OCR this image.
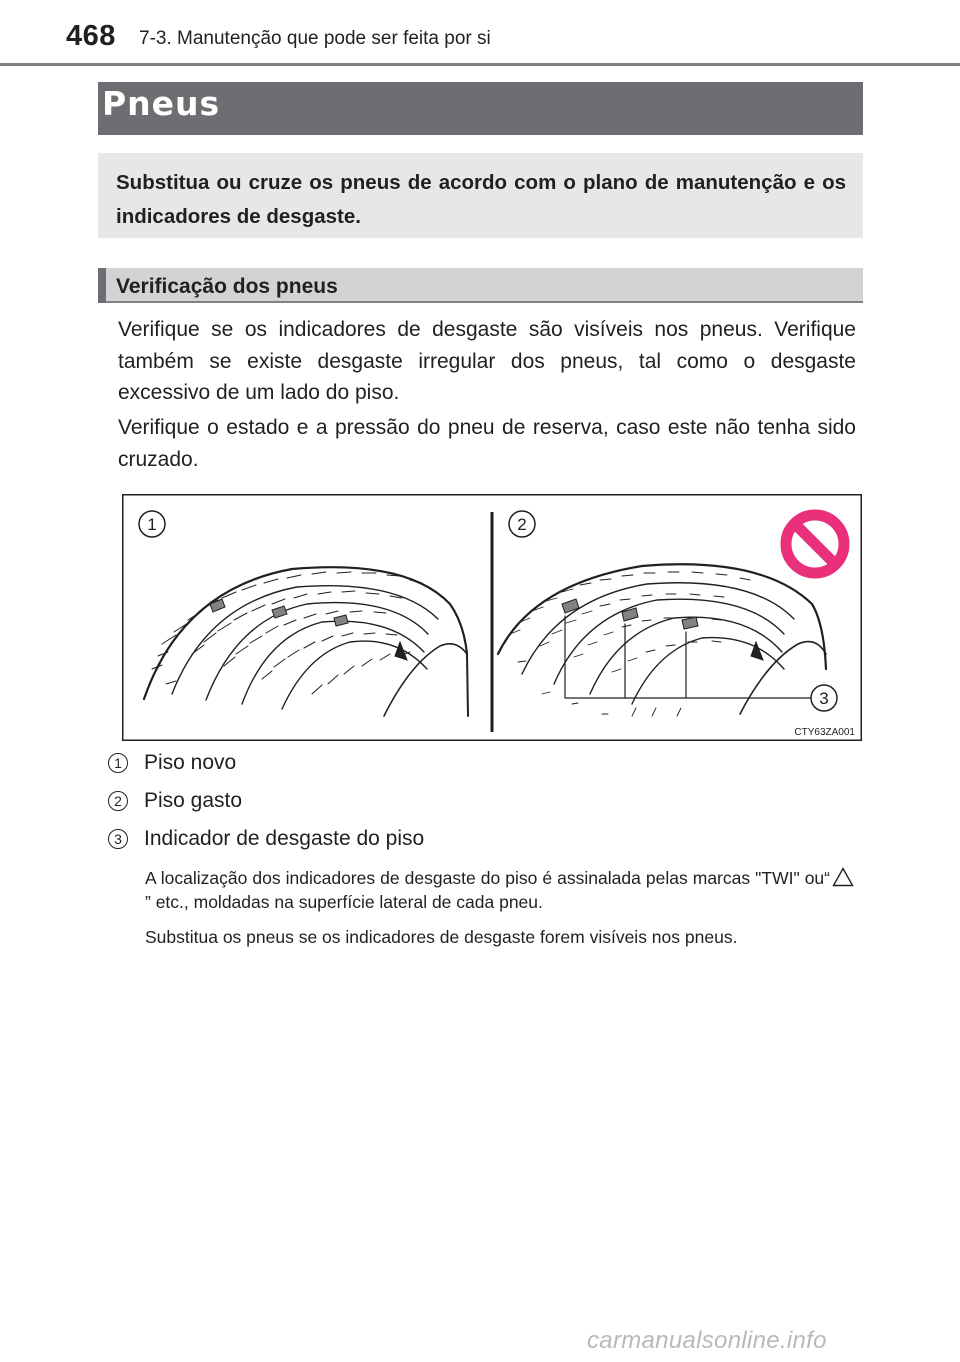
468 7-3. Manutenção que pode ser feita por si
Pneus
Substitua ou cruze os pneus de acordo com o plano de manutenção e os indicadores de desgaste.
Verificação dos pneus
Verifique se os indicadores de desgaste são visíveis nos pneus. Verifique também se existe desgaste irregular dos pneus, tal como o desgaste excessivo de um lado do piso.
Verifique o estado e a pressão do pneu de reserva, caso este não tenha sido cruzado.
1	2
3
CTY63ZA001
1 Piso novo
2 Piso gasto
3 Indicador de desgaste do piso
A localização dos indicadores de desgaste do piso é assinalada pelas marcas "TWI" ou“” etc., moldadas na superfície lateral de cada pneu.
Substitua os pneus se os indicadores de desgaste forem visíveis nos pneus.
carmanualsonline.info
